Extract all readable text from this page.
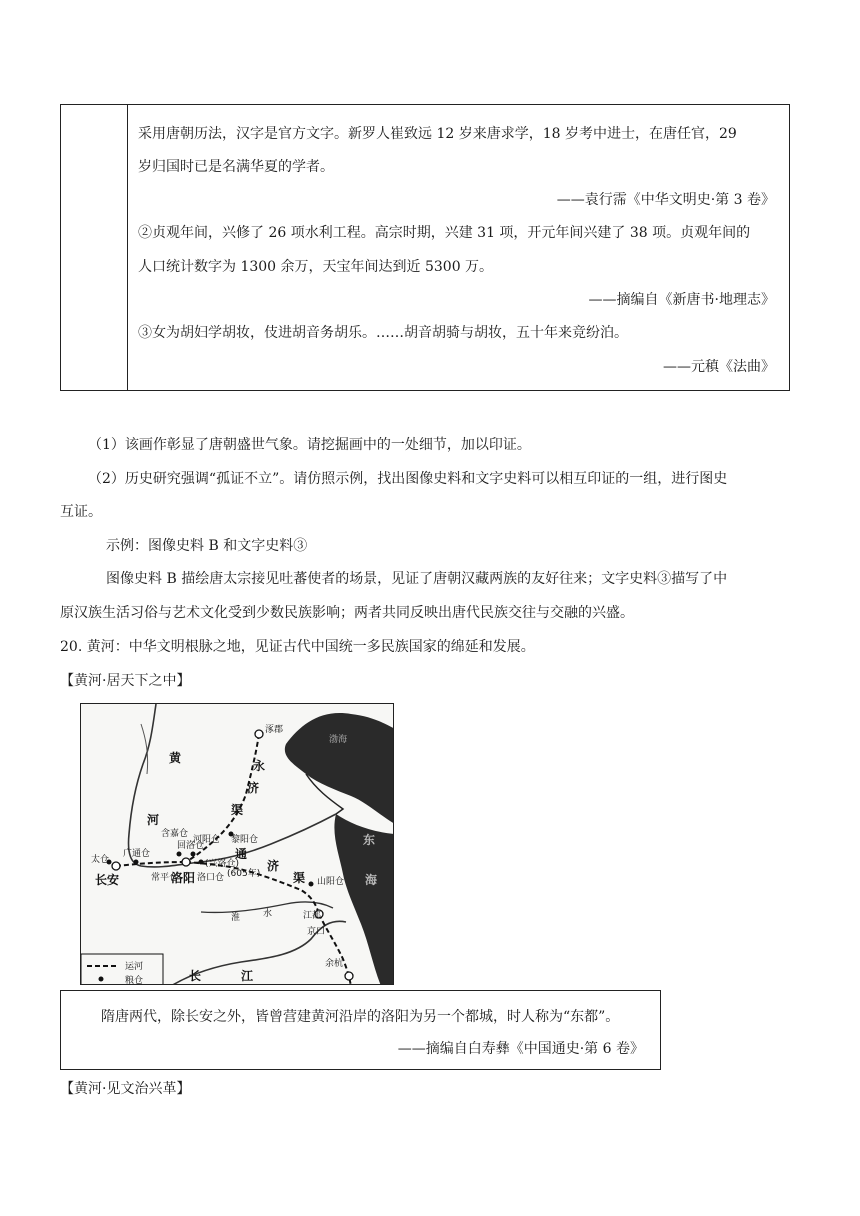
采用唐朝历法，汉字是官方文字。新罗人崔致远 12 岁来唐求学，18 岁考中进士，在唐任官，29
岁归国时已是名满华夏的学者。
——袁行霈《中华文明史·第 3 卷》
②贞观年间，兴修了 26 项水利工程。高宗时期，兴建 31 项，开元年间兴建了 38 项。贞观年间的
人口统计数字为 1300 余万，天宝年间达到近 5300 万。
——摘编自《新唐书·地理志》
③女为胡妇学胡妆，伎进胡音务胡乐。……胡音胡骑与胡妆，五十年来竞纷泊。
——元稹《法曲》
（1）该画作彰显了唐朝盛世气象。请挖掘画中的一处细节，加以印证。
（2）历史研究强调“孤证不立”。请仿照示例，找出图像史料和文字史料可以相互印证的一组，进行图史
互证。
示例：图像史料 B 和文字史料③
图像史料 B 描绘唐太宗接见吐蕃使者的场景，见证了唐朝汉藏两族的友好往来；文字史料③描写了中
原汉族生活习俗与艺术文化受到少数民族影响；两者共同反映出唐代民族交往与交融的兴盛。
20. 黄河：中华文明根脉之地，见证古代中国统一多民族国家的绵延和发展。
【黄河·居天下之中】
黄
河
长安	洛阳
涿郡
永
济
渠
通
济
渠
渤海
东
海
淮	水
长	江
广通仓
太仓
常平仓
河阳仓
回洛仓
含嘉仓
黎阳仓
洛口仓
(兴洛仓)
(605年)
山阳仓
江都
京口
余杭
运河
粮仓
隋唐两代，除长安之外，皆曾营建黄河沿岸的洛阳为另一个都城，时人称为“东都”。
——摘编自白寿彝《中国通史·第 6 卷》
【黄河·见文治兴革】
